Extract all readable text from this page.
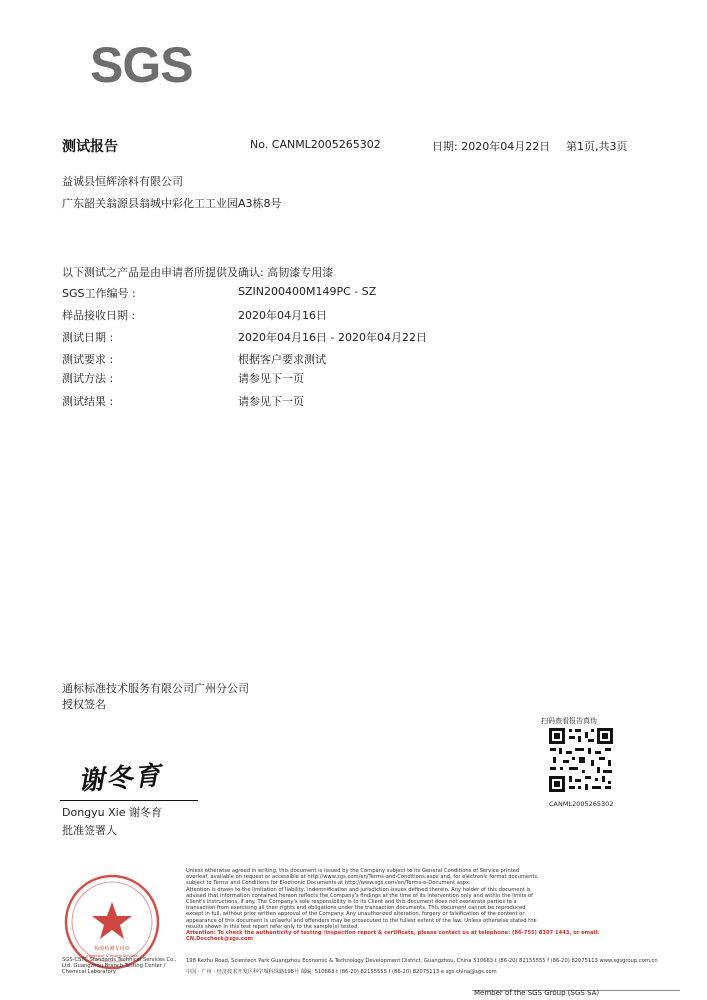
SGS
测试报告	No. CANML2005265302	日期: 2020年04月22日 第1页,共3页
益诚县恒辉涂料有限公司
广东韶关翁源县翁城中彩化工工业园A3栋8号
以下测试之产品是由申请者所提供及确认: 高韧漆专用漆
SGS工作编号 :	SZIN200400M149PC - SZ
样品接收日期 :	2020年04月16日
测试日期 :	2020年04月16日 - 2020年04月22日
测试要求 :	根据客户要求测试
测试方法 :	请参见下一页
测试结果 :	请参见下一页
通标标准技术服务有限公司广州分公司
授权签名
谢冬育
Dongyu Xie 谢冬育
批准签署人
扫码查看报告真伪
CANML2005265302
检验检测专用章
Inspection & Testing Services
Unless otherwise agreed in writing, this document is issued by the Company subject to its General Conditions of Service printed
overleaf, available on request or accessible at http://www.sgs.com/en/Terms-and-Conditions.aspx and, for electronic format documents,
subject to Terms and Conditions for Electronic Documents at http://www.sgs.com/en/Terms-e-Document.aspx.
Attention is drawn to the limitation of liability, indemnification and jurisdiction issues defined therein. Any holder of this document is
advised that information contained hereon reflects the Company's findings at the time of its intervention only and within the limits of
Client's instructions, if any. The Company's sole responsibility is to its Client and this document does not exonerate parties to a
transaction from exercising all their rights and obligations under the transaction documents. This document cannot be reproduced
except in full, without prior written approval of the Company. Any unauthorized alteration, forgery or falsification of the content or
appearance of this document is unlawful and offenders may be prosecuted to the fullest extent of the law. Unless otherwise stated the
results shown in this test report refer only to the sample(s) tested.
Attention: To check the authenticity of testing /inspection report & certificate, please contact us at telephone: (86-755) 8307 1443, or email: CN.Doccheck@sgs.com
SGS-CSTC Standards Technical Services Co., Ltd. Guangzhou Branch Testing Center / Chemical Laboratory
198 Kezhu Road, Scientech Park Guangzhou Economic & Technology Development District, Guangzhou, China 510663 t (86-20) 82155555 f (86-20) 82075113 www.sgsgroup.com.cn
中国 · 广州 · 经济技术开发区科学城科珠路198号 邮编: 510663 t (86-20) 82155555 f (86-20) 82075113 e sgs.china@sgs.com
Member of the SGS Group (SGS SA)
